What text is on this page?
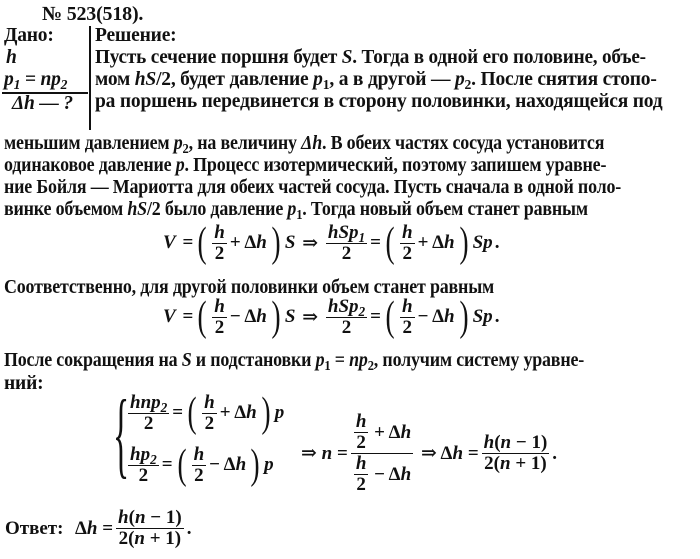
№ 523(518).
Дано:
h
$p_1 = np_2$
Δh — ?
Решение:
Пусть сечение поршня будет S. Тогда в одной его половине, объе-
мом hS/2, будет давление $p_1$, а в другой — $p_2$. После снятия стопо-
ра поршень передвинется в сторону половинки, находящейся под
меньшим давлением $p_2$, на величину Δh. В обеих частях сосуда установится
одинаковое давление p. Процесс изотермический, поэтому запишем уравне-
ние Бойля — Мариотта для обеих частей сосуда. Пусть сначала в одной поло-
винке объемом hS/2 было давление $p_1$. Тогда новый объем станет равным
V = ( $\frac{h}{2} + \Delta h$ ) S ⇒ $\frac{hSp_1}{2}$ = ( $\frac{h}{2} + \Delta h$ ) Sp .
Соответственно, для другой половинки объем станет равным
V = ( $\frac{h}{2} - \Delta h$ ) S ⇒ $\frac{hSp_2}{2}$ = ( $\frac{h}{2} - \Delta h$ ) Sp .
После сокращения на S и подстановки $p_1 = np_2$, получим систему уравне-
ний: {
$\frac{hnp_2}{2}$ = ( $\frac{h}{2} + \Delta h$ ) p
$\frac{hp_2}{2}$ = ( $\frac{h}{2} - \Delta h$ ) p
⇒ $n = \frac{\frac{h}{2} + \Delta h}{\frac{h}{2} - \Delta h}$ ⇒ $\Delta h = \frac{h(n - 1)}{2(n + 1)}$ .
Ответ: $\Delta h = \frac{h(n - 1)}{2(n + 1)}$ .
